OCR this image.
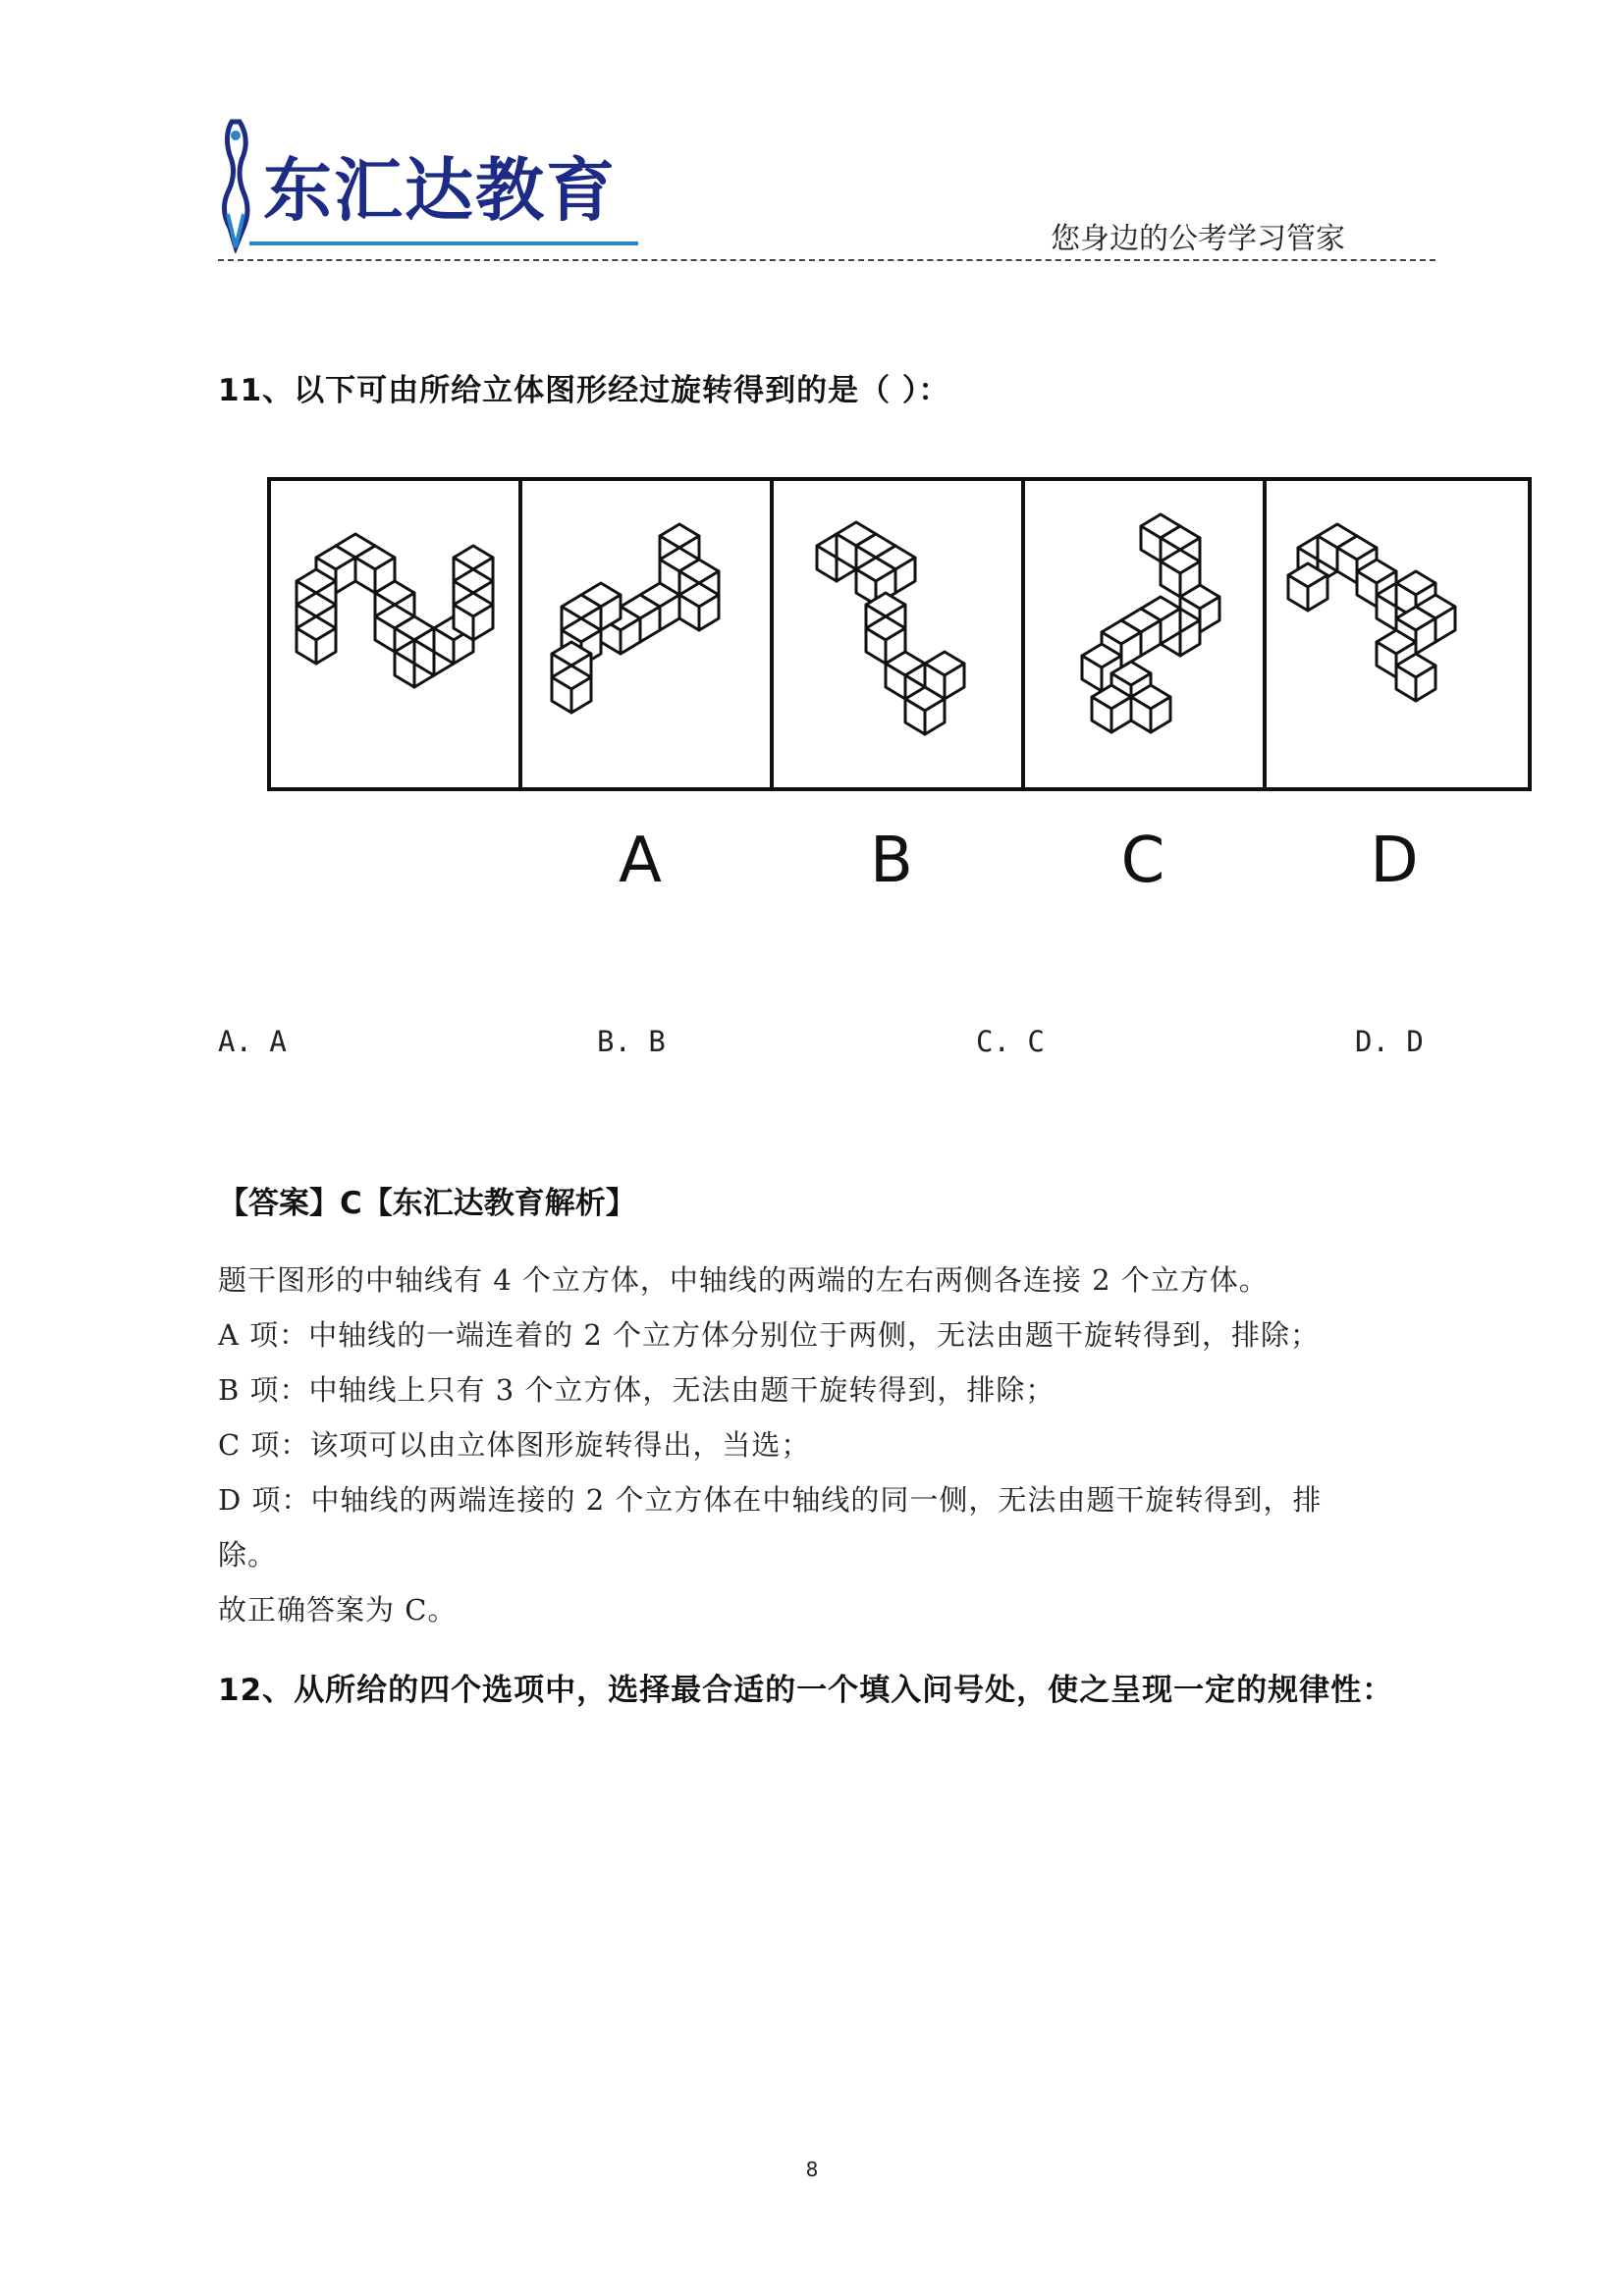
东汇达教育
您身边的公考学习管家
11、以下可由所给立体图形经过旋转得到的是（ ）：
A	B	C	D
A. A	B. B	C. C	D. D
【答案】C【东汇达教育解析】

题干图形的中轴线有 4 个立方体，中轴线的两端的左右两侧各连接 2 个立方体。

A 项：中轴线的一端连着的 2 个立方体分别位于两侧，无法由题干旋转得到，排除；

B 项：中轴线上只有 3 个立方体，无法由题干旋转得到，排除；

C 项：该项可以由立体图形旋转得出，当选；

D 项：中轴线的两端连接的 2 个立方体在中轴线的同一侧，无法由题干旋转得到，排

除。

故正确答案为 C。

12、从所给的四个选项中，选择最合适的一个填入问号处，使之呈现一定的规律性：
8
